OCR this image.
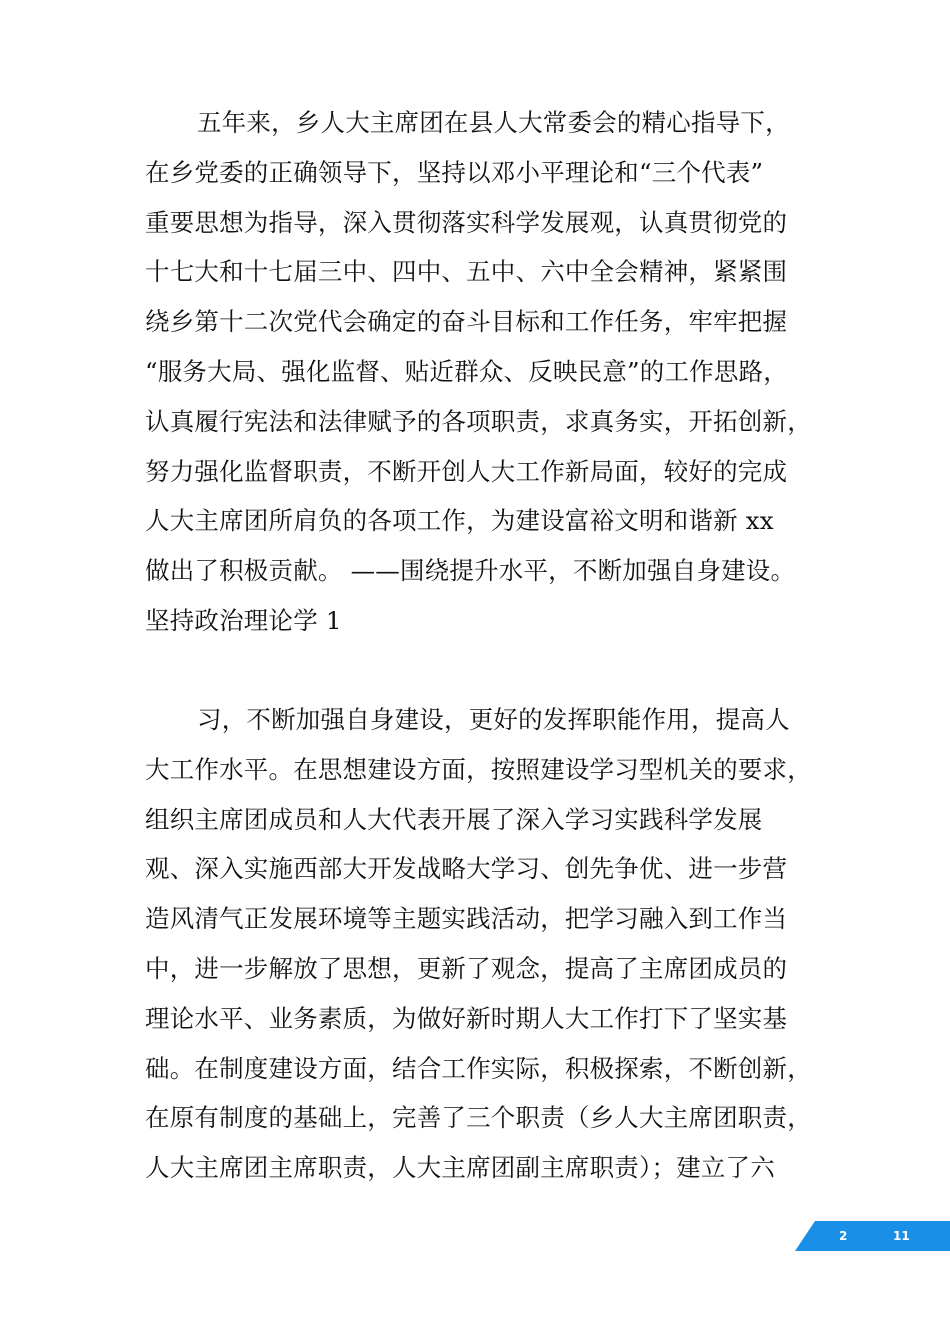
五年来，乡人大主席团在县人大常委会的精心指导下，
在乡党委的正确领导下，坚持以邓小平理论和“三个代表”
重要思想为指导，深入贯彻落实科学发展观，认真贯彻党的
十七大和十七届三中、四中、五中、六中全会精神，紧紧围
绕乡第十二次党代会确定的奋斗目标和工作任务，牢牢把握
“服务大局、强化监督、贴近群众、反映民意”的工作思路，
认真履行宪法和法律赋予的各项职责，求真务实，开拓创新，
努力强化监督职责，不断开创人大工作新局面，较好的完成
人大主席团所肩负的各项工作，为建设富裕文明和谐新 xx
做出了积极贡献。 ——围绕提升水平，不断加强自身建设。
坚持政治理论学 1
习，不断加强自身建设，更好的发挥职能作用，提高人
大工作水平。在思想建设方面，按照建设学习型机关的要求，
组织主席团成员和人大代表开展了深入学习实践科学发展
观、深入实施西部大开发战略大学习、创先争优、进一步营
造风清气正发展环境等主题实践活动，把学习融入到工作当
中，进一步解放了思想，更新了观念，提高了主席团成员的
理论水平、业务素质，为做好新时期人大工作打下了坚实基
础。在制度建设方面，结合工作实际，积极探索，不断创新，
在原有制度的基础上，完善了三个职责（乡人大主席团职责，
人大主席团主席职责，人大主席团副主席职责）；建立了六
2	11
